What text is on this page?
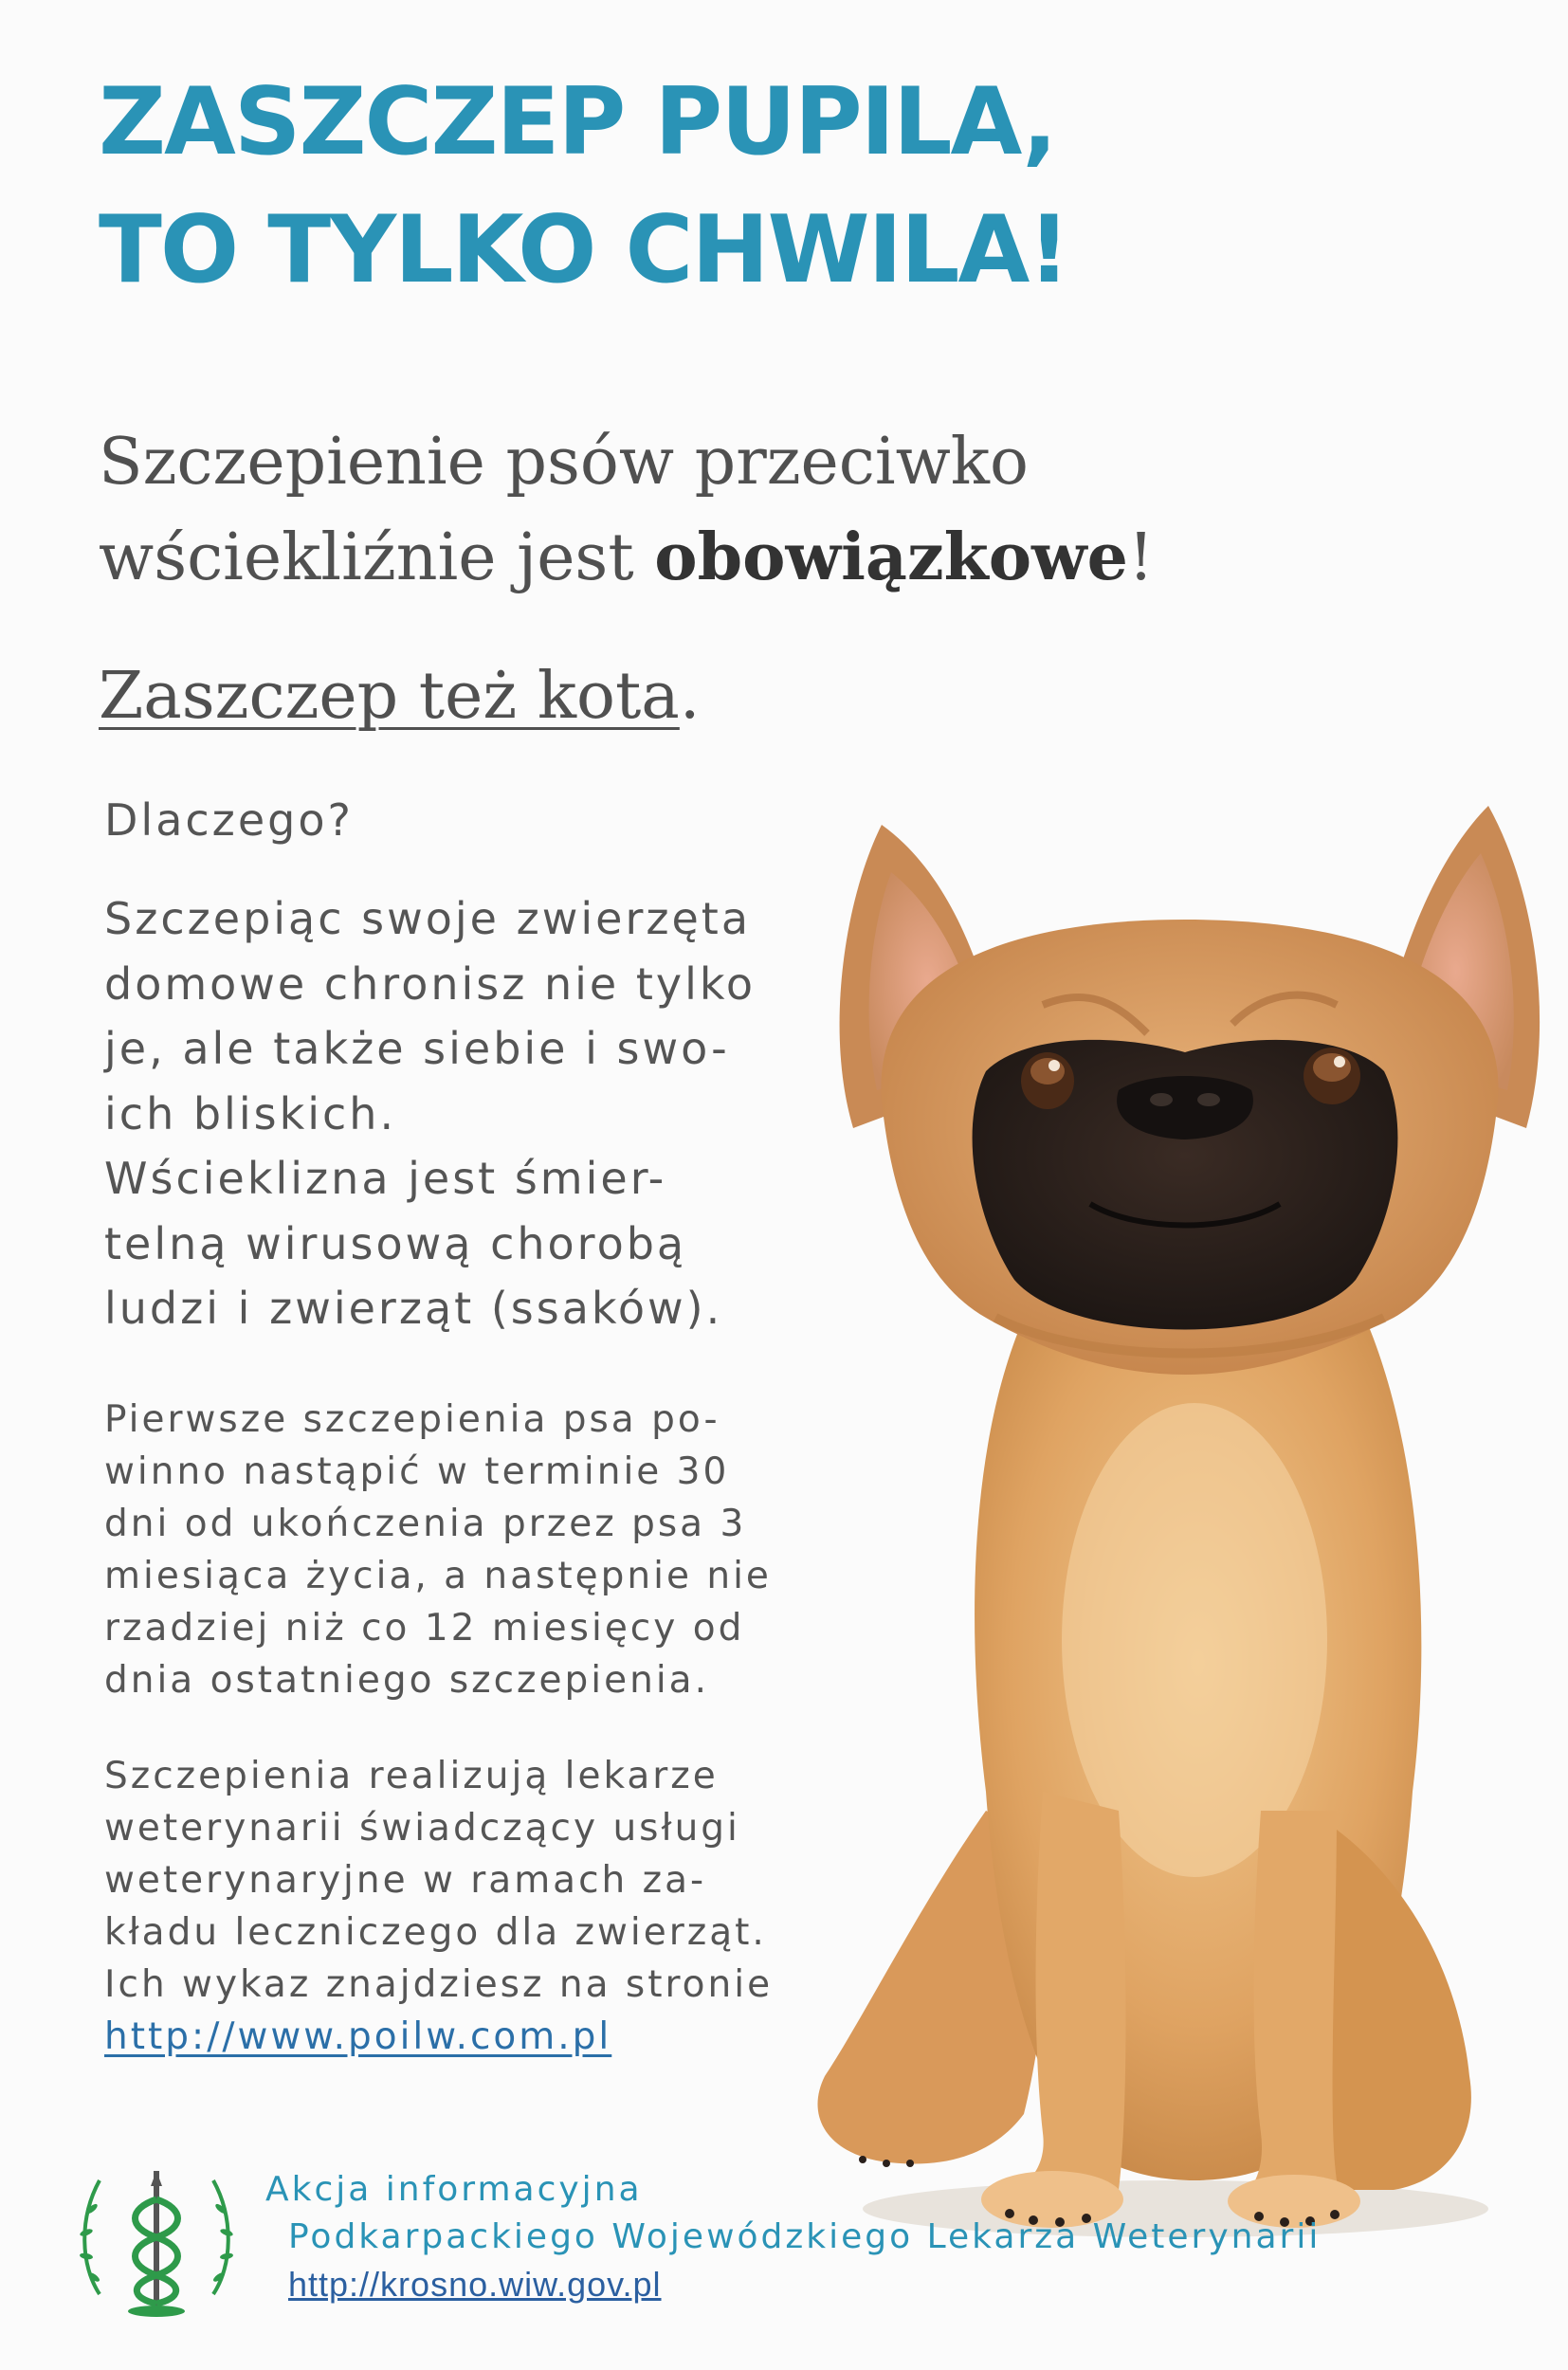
ZASZCZEP PUPILA,
TO TYLKO CHWILA!

Szczepienie psów przeciwko
wściekliźnie jest obowiązkowe!

Zaszczep też kota.

Dlaczego?

Szczepiąc swoje zwierzęta
domowe chronisz nie tylko
je, ale także siebie i swo-
ich bliskich.
Wścieklizna jest śmier-
telną wirusową chorobą
ludzi i zwierząt (ssaków).

Pierwsze szczepienia psa po-
winno nastąpić w terminie 30
dni od ukończenia przez psa 3
miesiąca życia, a następnie nie
rzadziej niż co 12 miesięcy od
dnia ostatniego szczepienia.

Szczepienia realizują lekarze
weterynarii świadczący usługi
weterynaryjne w ramach za-
kładu leczniczego dla zwierząt.
Ich wykaz znajdziesz na stronie
http://www.poilw.com.pl

Akcja informacyjna
Podkarpackiego Wojewódzkiego Lekarza Weterynarii
http://krosno.wiw.gov.pl
